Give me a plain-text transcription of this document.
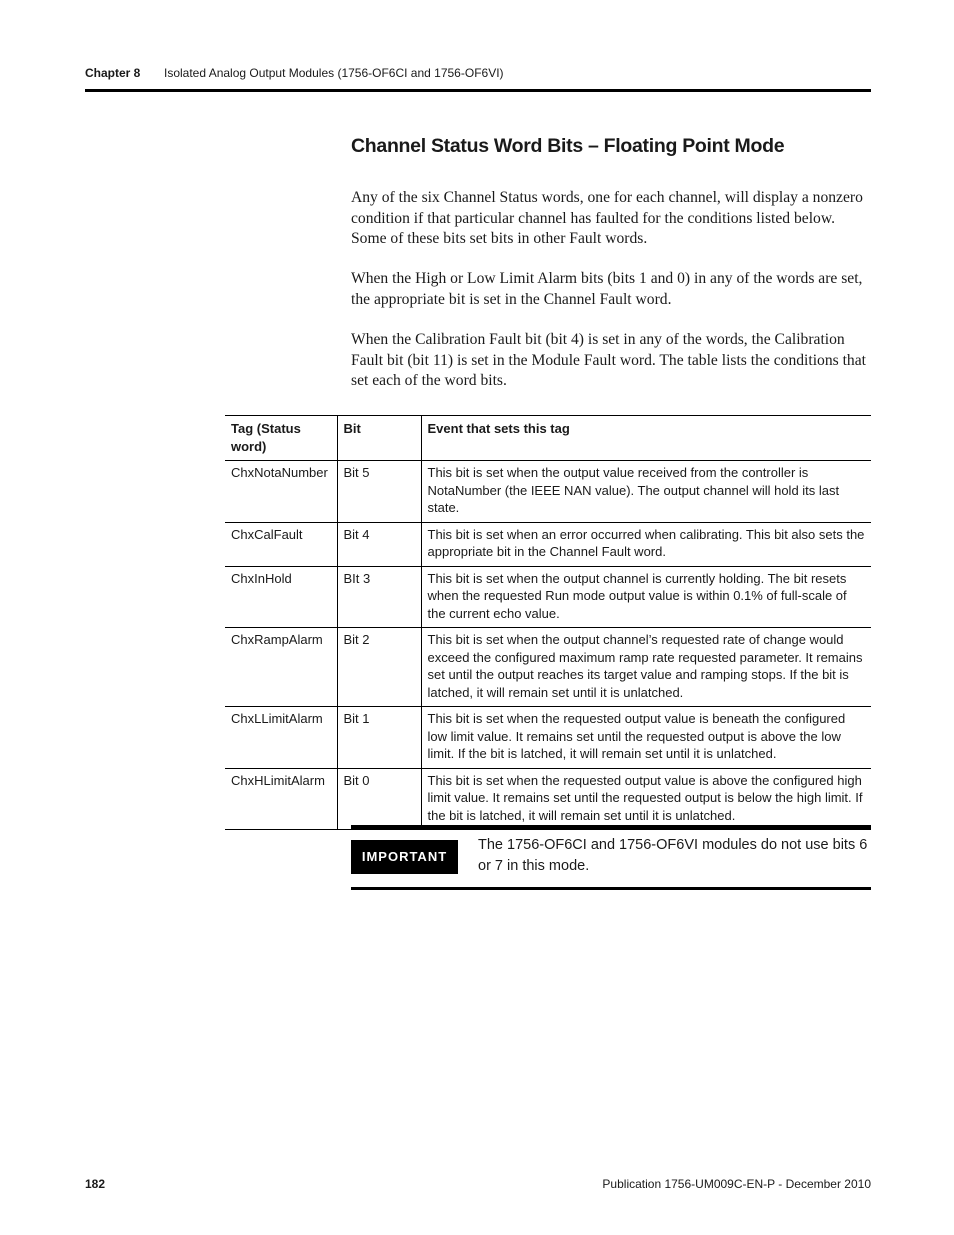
Chapter 8 Isolated Analog Output Modules (1756-OF6CI and 1756-OF6VI)
Channel Status Word Bits – Floating Point Mode

Any of the six Channel Status words, one for each channel, will display a nonzero condition if that particular channel has faulted for the conditions listed below. Some of these bits set bits in other Fault words.

When the High or Low Limit Alarm bits (bits 1 and 0) in any of the words are set, the appropriate bit is set in the Channel Fault word.

When the Calibration Fault bit (bit 4) is set in any of the words, the Calibration Fault bit (bit 11) is set in the Module Fault word. The table lists the conditions that set each of the word bits.

Tag (Status word)	Bit	Event that sets this tag
ChxNotaNumber	Bit 5	This bit is set when the output value received from the controller is NotaNumber (the IEEE NAN value). The output channel will hold its last state.
ChxCalFault	Bit 4	This bit is set when an error occurred when calibrating. This bit also sets the appropriate bit in the Channel Fault word.
ChxInHold	BIt 3	This bit is set when the output channel is currently holding. The bit resets when the requested Run mode output value is within 0.1% of full-scale of the current echo value.
ChxRampAlarm	Bit 2	This bit is set when the output channel’s requested rate of change would exceed the configured maximum ramp rate requested parameter. It remains set until the output reaches its target value and ramping stops. If the bit is latched, it will remain set until it is unlatched.
ChxLLimitAlarm	Bit 1	This bit is set when the requested output value is beneath the configured low limit value. It remains set until the requested output is above the low limit. If the bit is latched, it will remain set until it is unlatched.
ChxHLimitAlarm	Bit 0	This bit is set when the requested output value is above the configured high limit value. It remains set until the requested output is below the high limit. If the bit is latched, it will remain set until it is unlatched.
IMPORTANT
The 1756-OF6CI and 1756-OF6VI modules do not use bits 6 or 7 in this mode.
182	Publication 1756-UM009C-EN-P - December 2010
